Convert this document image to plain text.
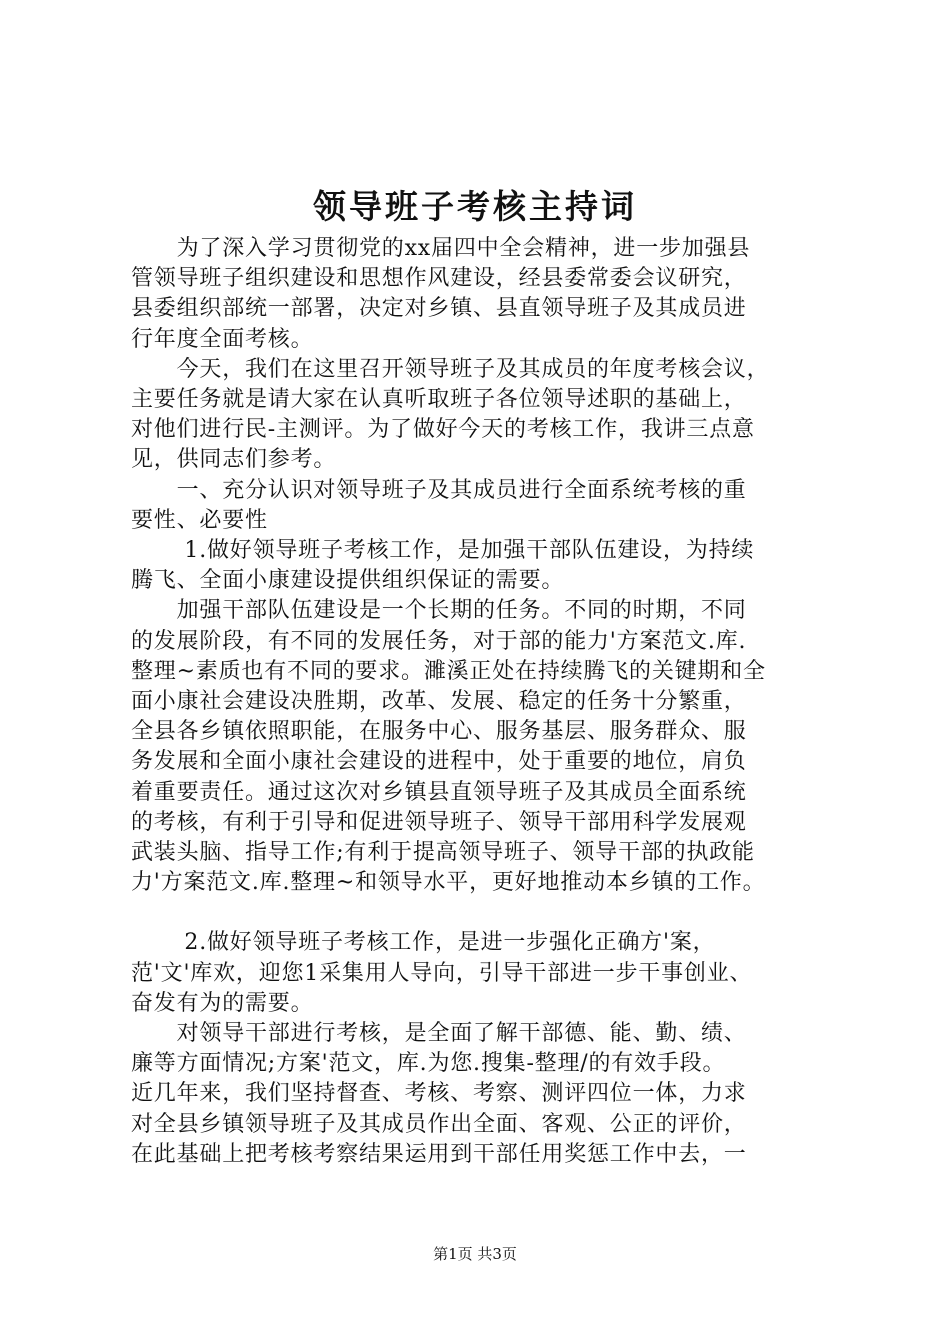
领导班子考核主持词

　　为了深入学习贯彻党的xx届四中全会精神，进一步加强县

管领导班子组织建设和思想作风建设，经县委常委会议研究，

县委组织部统一部署，决定对乡镇、县直领导班子及其成员进

行年度全面考核。

　　今天，我们在这里召开领导班子及其成员的年度考核会议，

主要任务就是请大家在认真听取班子各位领导述职的基础上，

对他们进行民-主测评。为了做好今天的考核工作，我讲三点意

见，供同志们参考。

　　一、充分认识对领导班子及其成员进行全面系统考核的重

要性、必要性

　　 1.做好领导班子考核工作，是加强干部队伍建设，为持续

腾飞、全面小康建设提供组织保证的需要。

　　加强干部队伍建设是一个长期的任务。不同的时期，不同

的发展阶段，有不同的发展任务，对于部的能力'方案范文.库.

整理~素质也有不同的要求。濉溪正处在持续腾飞的关键期和全

面小康社会建设决胜期，改革、发展、稳定的任务十分繁重，

全县各乡镇依照职能，在服务中心、服务基层、服务群众、服

务发展和全面小康社会建设的进程中，处于重要的地位，肩负

着重要责任。通过这次对乡镇县直领导班子及其成员全面系统

的考核，有利于引导和促进领导班子、领导干部用科学发展观

武装头脑、指导工作;有利于提高领导班子、领导干部的执政能

力'方案范文.库.整理~和领导水平，更好地推动本乡镇的工作。

　　 2.做好领导班子考核工作，是进一步强化正确方'案，

范'文'库欢，迎您1采集用人导向，引导干部进一步干事创业、

奋发有为的需要。

　　对领导干部进行考核，是全面了解干部德、能、勤、绩、

廉等方面情况;方案'范文，库.为您.搜集-整理/的有效手段。

近几年来，我们坚持督查、考核、考察、测评四位一体，力求

对全县乡镇领导班子及其成员作出全面、客观、公正的评价，

在此基础上把考核考察结果运用到干部任用奖惩工作中去，一

第1页 共3页
